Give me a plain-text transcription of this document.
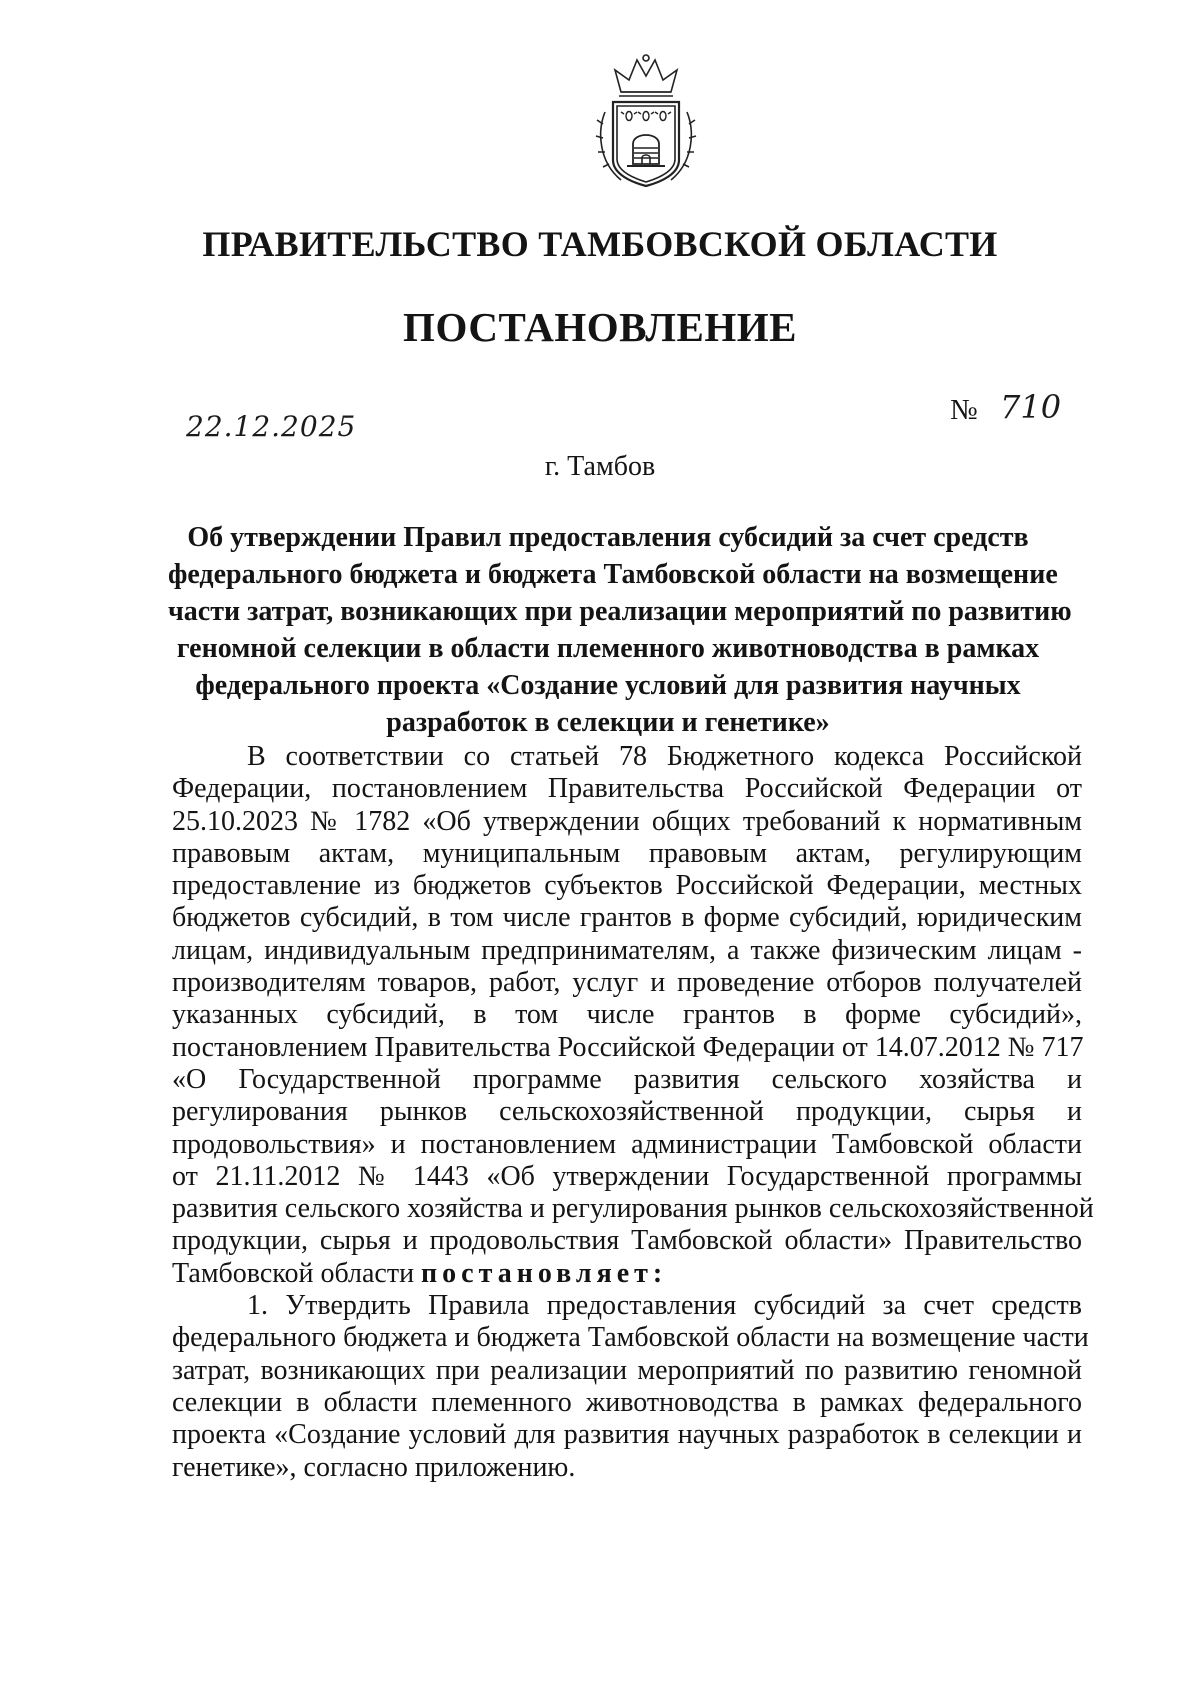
ПРАВИТЕЛЬСТВО ТАМБОВСКОЙ ОБЛАСТИ
ПОСТАНОВЛЕНИЕ
22.12.2025	№ 710
г. Тамбов
Об утверждении Правил предоставления субсидий за счет средств
федерального бюджета и бюджета Тамбовской области на возмещение
части затрат, возникающих при реализации мероприятий по развитию
геномной селекции в области племенного животноводства в рамках
федерального проекта «Создание условий для развития научных
разработок в селекции и генетике»
В соответствии со статьей 78 Бюджетного кодекса Российской
Федерации, постановлением Правительства Российской Федерации от
25.10.2023 № 1782 «Об утверждении общих требований к нормативным
правовым актам, муниципальным правовым актам, регулирующим
предоставление из бюджетов субъектов Российской Федерации, местных
бюджетов субсидий, в том числе грантов в форме субсидий, юридическим
лицам, индивидуальным предпринимателям, а также физическим лицам -
производителям товаров, работ, услуг и проведение отборов получателей
указанных субсидий, в том числе грантов в форме субсидий»,
постановлением Правительства Российской Федерации от 14.07.2012 № 717
«О Государственной программе развития сельского хозяйства и
регулирования рынков сельскохозяйственной продукции, сырья и
продовольствия» и постановлением администрации Тамбовской области
от 21.11.2012 № 1443 «Об утверждении Государственной программы
развития сельского хозяйства и регулирования рынков сельскохозяйственной
продукции, сырья и продовольствия Тамбовской области» Правительство
Тамбовской области постановляет:
1. Утвердить Правила предоставления субсидий за счет средств
федерального бюджета и бюджета Тамбовской области на возмещение части
затрат, возникающих при реализации мероприятий по развитию геномной
селекции в области племенного животноводства в рамках федерального
проекта «Создание условий для развития научных разработок в селекции и
генетике», согласно приложению.
